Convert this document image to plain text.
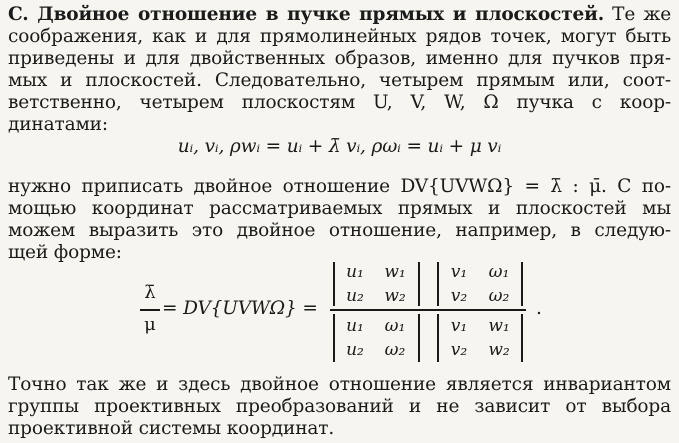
C. Двойное отношение в пучке прямых и плоскостей. Те же
соображения, как и для прямолинейных рядов точек, могут быть
приведены и для двойственных образов, именно для пучков пря-
мых и плоскостей. Следовательно, четырем прямым или, соот-
ветственно, четырем плоскостям U, V, W, Ω пучка с коор-
динатами:
uᵢ, vᵢ, ρwᵢ = uᵢ + λ̄ vᵢ, ρωᵢ = uᵢ + μ vᵢ
нужно приписать двойное отношение DV{UVWΩ} = λ̄ : μ̄. С по-
мощью координат рассматриваемых прямых и плоскостей мы
можем выразить это двойное отношение, например, в следую-
щей форме:
λ̄
μ
= DV{UVWΩ} =
u₁	w₁
u₂	w₂
v₁	ω₁
v₂	ω₂
u₁	ω₁
u₂	ω₂
v₁	w₁
v₂	w₂
.
Точно так же и здесь двойное отношение является инвариантом
группы проективных преобразований и не зависит от выбора
проективной системы координат.
